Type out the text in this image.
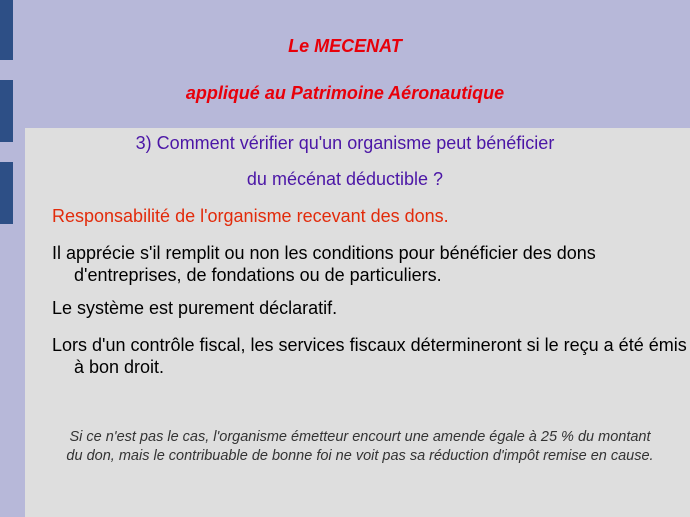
Le MECENAT
appliqué au Patrimoine Aéronautique
3) Comment vérifier qu'un organisme peut bénéficier
du mécénat déductible ?
Responsabilité de l'organisme recevant des dons.
Il apprécie s'il remplit ou non les conditions pour bénéficier des dons d'entreprises, de fondations ou de particuliers.
Le système est purement déclaratif.
Lors d'un contrôle fiscal, les services fiscaux détermineront si le reçu a été émis à bon droit.
Si ce n'est pas le cas, l'organisme émetteur encourt une amende égale à 25 % du montant du don, mais le contribuable de bonne foi ne voit pas sa réduction d'impôt remise en cause.
